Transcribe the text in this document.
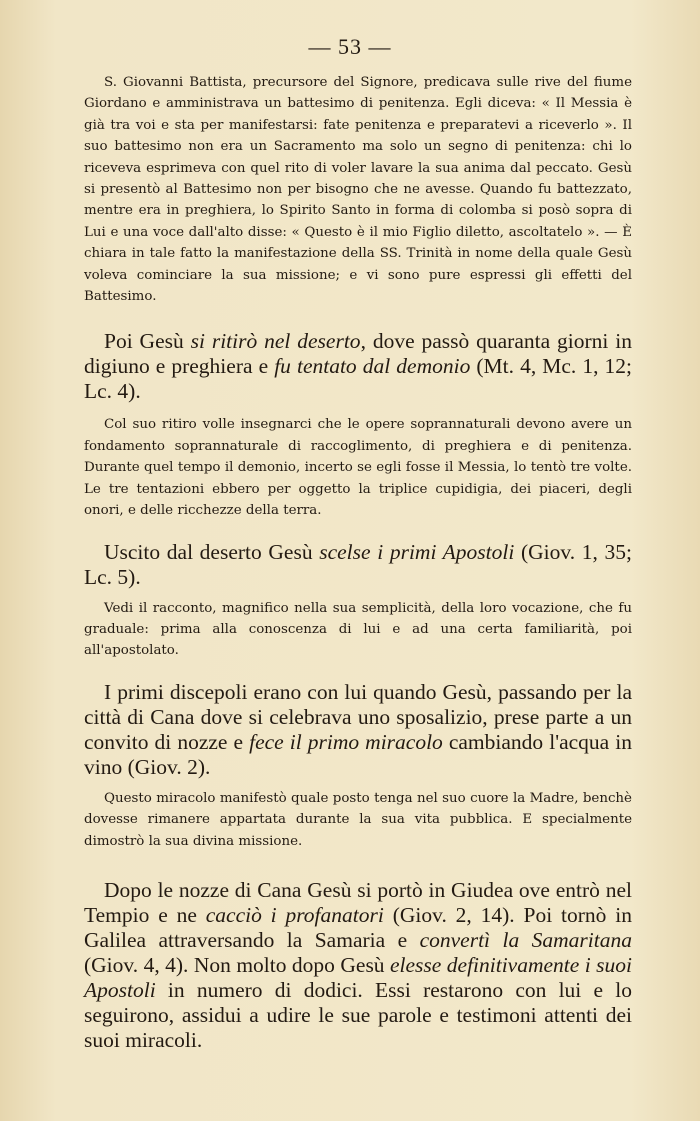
— 53 —

S. Giovanni Battista, precursore del Signore, predicava sulle rive del fiume Giordano e amministrava un battesimo di penitenza. Egli diceva: « Il Messia è già tra voi e sta per manifestarsi: fate penitenza e preparatevi a riceverlo ». Il suo battesimo non era un Sacramento ma solo un segno di penitenza: chi lo riceveva esprimeva con quel rito di voler lavare la sua anima dal peccato. Gesù si presentò al Battesimo non per bisogno che ne avesse. Quando fu battezzato, mentre era in preghiera, lo Spirito Santo in forma di colomba si posò sopra di Lui e una voce dall'alto disse: « Questo è il mio Figlio diletto, ascoltatelo ». — È chiara in tale fatto la manifestazione della SS. Trinità in nome della quale Gesù voleva cominciare la sua missione; e vi sono pure espressi gli effetti del Battesimo.

Poi Gesù si ritirò nel deserto, dove passò quaranta giorni in digiuno e preghiera e fu tentato dal demonio (Mt. 4, Mc. 1, 12; Lc. 4).

Col suo ritiro volle insegnarci che le opere soprannaturali devono avere un fondamento soprannaturale di raccoglimento, di preghiera e di penitenza. Durante quel tempo il demonio, incerto se egli fosse il Messia, lo tentò tre volte. Le tre tentazioni ebbero per oggetto la triplice cupidigia, dei piaceri, degli onori, e delle ricchezze della terra.

Uscito dal deserto Gesù scelse i primi Apostoli (Giov. 1, 35; Lc. 5).

Vedi il racconto, magnifico nella sua semplicità, della loro vocazione, che fu graduale: prima alla conoscenza di lui e ad una certa familiarità, poi all'apostolato.

I primi discepoli erano con lui quando Gesù, passando per la città di Cana dove si celebrava uno sposalizio, prese parte a un convito di nozze e fece il primo miracolo cambiando l'acqua in vino (Giov. 2).

Questo miracolo manifestò quale posto tenga nel suo cuore la Madre, benchè dovesse rimanere appartata durante la sua vita pubblica. E specialmente dimostrò la sua divina missione.

Dopo le nozze di Cana Gesù si portò in Giudea ove entrò nel Tempio e ne cacciò i profanatori (Giov. 2, 14). Poi tornò in Galilea attraversando la Samaria e convertì la Samaritana (Giov. 4, 4). Non molto dopo Gesù elesse definitivamente i suoi Apostoli in numero di dodici. Essi restarono con lui e lo seguirono, assidui a udire le sue parole e testimoni attenti dei suoi miracoli.
